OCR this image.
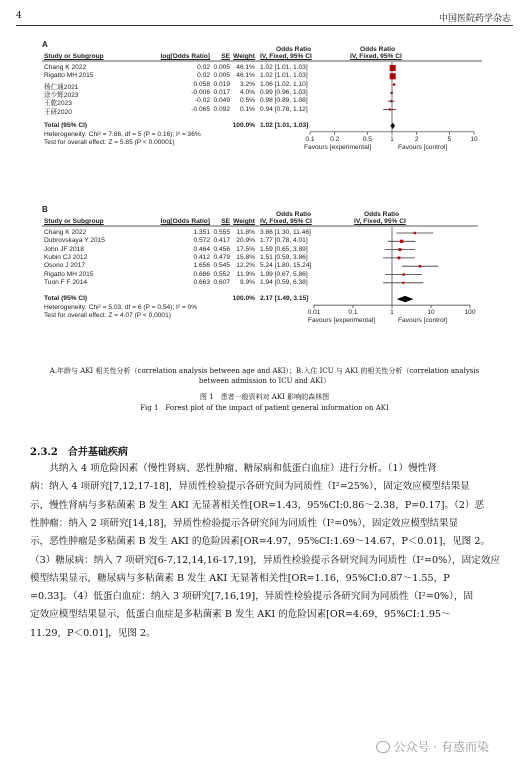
4	中国医院药学杂志
A
Odds Ratio	Odds Ratio
Study or Subgroup	log[Odds Ratio]	SE Weight IV, Fixed, 95% CI	IV, Fixed, 95% CI
Chang K 2022	0.02 0.005 46.1% 1.02 [1.01, 1.03]
Rigatto MH 2015	0.02 0.005 46.1% 1.02 [1.01, 1.03]
杨仁通2021	0.058 0.019	3.2% 1.06 [1.02, 1.10]
涂少辉2023	-0.006 0.017	4.0% 0.99 [0.96, 1.03]
王乾2023	-0.02 0.049	0.5% 0.98 [0.89, 1.08]
王研2020	-0.065 0.092	0.1% 0.94 [0.78, 1.12]
Total (95% CI)	100.0% 1.02 [1.01, 1.03]
Heterogeneity: Chi² = 7.86, df = 5 (P = 0.16); I² = 36%
Test for overall effect: Z = 5.85 (P < 0.00001)	0.1	0.2	0.5	1	2	5	10
Favours [experimental]	Favours [control]
B
Odds Ratio	Odds Ratio
Study or Subgroup	log[Odds Ratio]	SE Weight IV, Fixed, 95% CI	IV, Fixed, 95% CI
Chang K 2022	1.351 0.555	11.8% 3.86 [1.30, 11.46]
Dubrovskaya Y 2015	0.572 0.417 20.9% 1.77 [0.78, 4.01]
John JF 2018	0.464 0.456 17.5% 1.59 [0.65, 3.89]
Kubin CJ 2012	0.412 0.479 15.8% 1.51 [0.59, 3.86]
Osorio J 2017	1.656 0.545 12.2% 5.24 [1.80, 15.24]
Rigatto MH 2015	0.686 0.552	11.9% 1.99 [0.67, 5.86]
Tuon F F 2014	0.663 0.607	9.9% 1.94 [0.59, 6.38]
Total (95% CI)	100.0% 2.17 [1.49, 3.15]
Heterogeneity: Chi² = 5.03, df = 6 (P = 0.54); I² = 0%
Test for overall effect: Z = 4.07 (P < 0.0001)	0.01	0.1	1	10	100
Favours [experimental]	Favours [control]
A.年龄与 AKI 相关性分析（correlation analysis between age and AKI）；B.入住 ICU 与 AKI 的相关性分析（correlation analysis
between admission to ICU and AKI）
图 1　患者一般资料对 AKI 影响的森林图
Fig 1　Forest plot of the impact of patient general information on AKI
2.3.2　合并基础疾病
　　共纳入 4 项危险因素（慢性肾病、恶性肿瘤、糖尿病和低蛋白血症）进行分析。（1）慢性肾
病：纳入 4 项研究[7,12,17-18]，异质性检验提示各研究间为同质性（I²=25%），固定效应模型结果显
示，慢性肾病与多粘菌素 B 发生 AKI 无显著相关性[OR=1.43，95%CI:0.86～2.38，P=0.17]。（2）恶
性肿瘤：纳入 2 项研究[14,18]，异质性检验提示各研究间为同质性（I²=0%），固定效应模型结果显
示，恶性肿瘤是多粘菌素 B 发生 AKI 的危险因素[OR=4.97，95%CI:1.69～14.67，P＜0.01]，见图 2。
（3）糖尿病：纳入 7 项研究[6-7,12,14,16-17,19]，异质性检验提示各研究间为同质性（I²=0%），固定效应
模型结果显示，糖尿病与多粘菌素 B 发生 AKI 无显著相关性[OR=1.16，95%CI:0.87～1.55，P
=0.33]。（4）低蛋白血症：纳入 3 项研究[7,16,19]，异质性检验提示各研究间为同质性（I²=0%），固
定效应模型结果显示，低蛋白血症是多粘菌素 B 发生 AKI 的危险因素[OR=4.69，95%CI:1.95～
11.29，P＜0.01]，见图 2。
公众号 · 有惑而染
